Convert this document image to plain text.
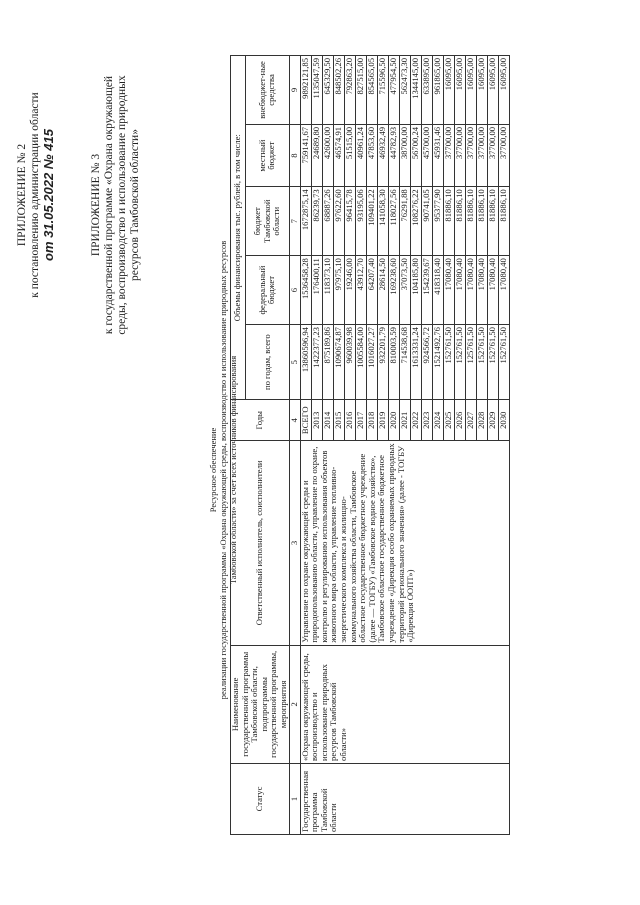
ПРИЛОЖЕНИЕ № 2 к постановлению администрации области от 31.05.2022 № 415	ПРИЛОЖЕНИЕ № 3 к государственной программе «Охрана окружающей среды, воспроизводство и использование природных ресурсов Тамбовской области»
Ресурсное обеспечение реализации государственной программы «Охрана окружающей среды, воспроизводство и использование природных ресурсов Тамбовской области» за счет всех источников финансирования
Статус	Наименование государственной программы Тамбовской области, подпрограммы государственной программы, мероприятия	Ответственный исполнитель, соисполнители	Годы	Объемы финансирования тыс. рублей, в том числе:				
				по годам, всего	федеральный бюджет	бюджет Тамбовской области	местный бюджет	внебюджет-ные средства
1	2	3	4	5	6	7	8	9
Государственная программа Тамбовской области	«Охрана окружающей среды, воспроизводство и использование природных ресурсов Тамбовской области»	Управление по охране окружающей среды и природопользованию области, управление по охране, контролю и регулированию использования объектов животного мира области, управление топливно-энергетического комплекса и жилищно-коммунального хозяйства области, Тамбовское областное государственное бюджетное учреждение (далее — ТОГБУ) «Тамбовское водное хозяйство», Тамбовское областное государственное бюджетное учреждение «Дирекция особо охраняемых природных территорий регионального значения» (далее - ТОГБУ «Дирекция ООПТ»)	ВСЕГО	13860596,94	1536458,28	1672875,14	759141,67	9892121,85
			2013	1422377,23	176400,11	86239,73	24689,80	1135047,59
			2014	875189,86	118373,10	68887,26	42600,00	645329,50
			2015	1090674,87	97975,10	97622,60	46574,91	848502,26
			2016	960039,98	19246,00	96415,78	51515,00	792863,20
			2017	1005584,00	43912,70	93195,06	40961,24	827515,00
			2018	1016027,27	64207,40	109401,22	47853,60	854565,05
			2019	932201,79	28614,50	141058,30	46932,49	715596,50
			2020	810003,59	169238,60	118027,56	44782,93	477954,50
			2021	714538,68	37073,50	76291,88	38700,00	562473,30
			2022	1613331,24	104185,80	108276,22	56700,24	1344145,00
			2023	924566,72	154239,67	90741,05	45700,00	633895,00
			2024	1521492,76	418318,40	95377,90	45931,46	961865,00
			2025	152761,50	17080,40	81886,10	37700,00	16095,00
			2026	152761,50	17080,40	81886,10	37700,00	16095,00
			2027	125761,50	17080,40	81886,10	37700,00	16095,00
			2028	152761,50	17080,40	81886,10	37700,00	16095,00
			2029	152761,50	17080,40	81886,10	37700,00	16095,00
			2030	152761,50	17080,40	81886,10	37700,00	16095,00
